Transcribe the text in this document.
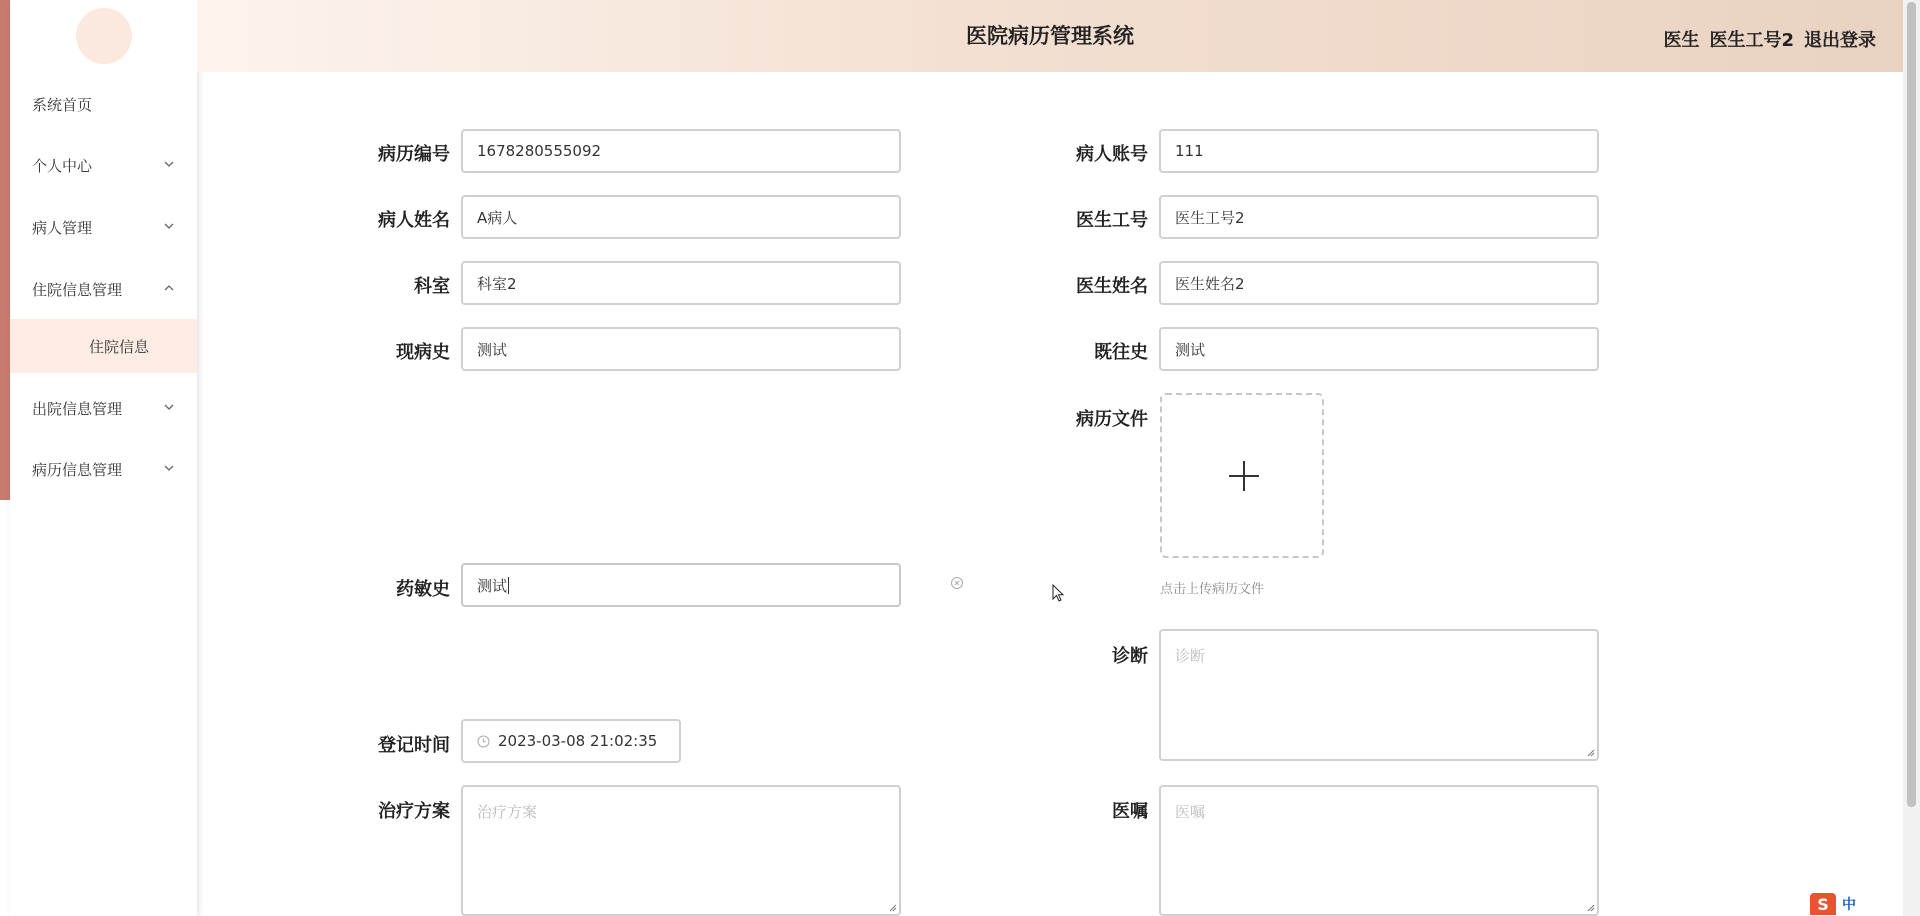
系统首页
个人中心
病人管理
住院信息管理
住院信息
出院信息管理
病历信息管理
医院病历管理系统	医生 医生工号2 退出登录
病历编号 1678280555092	病人账号 111
病人姓名 A病人	医生工号 医生工号2
科室 科室2	医生姓名 医生姓名2
现病史 测试	既往史 测试
病历文件
点击上传病历文件
药敏史 测试
诊断	诊断
登记时间	2023-03-08 21:02:35
治疗方案	治疗方案	医嘱	医嘱
S 中
